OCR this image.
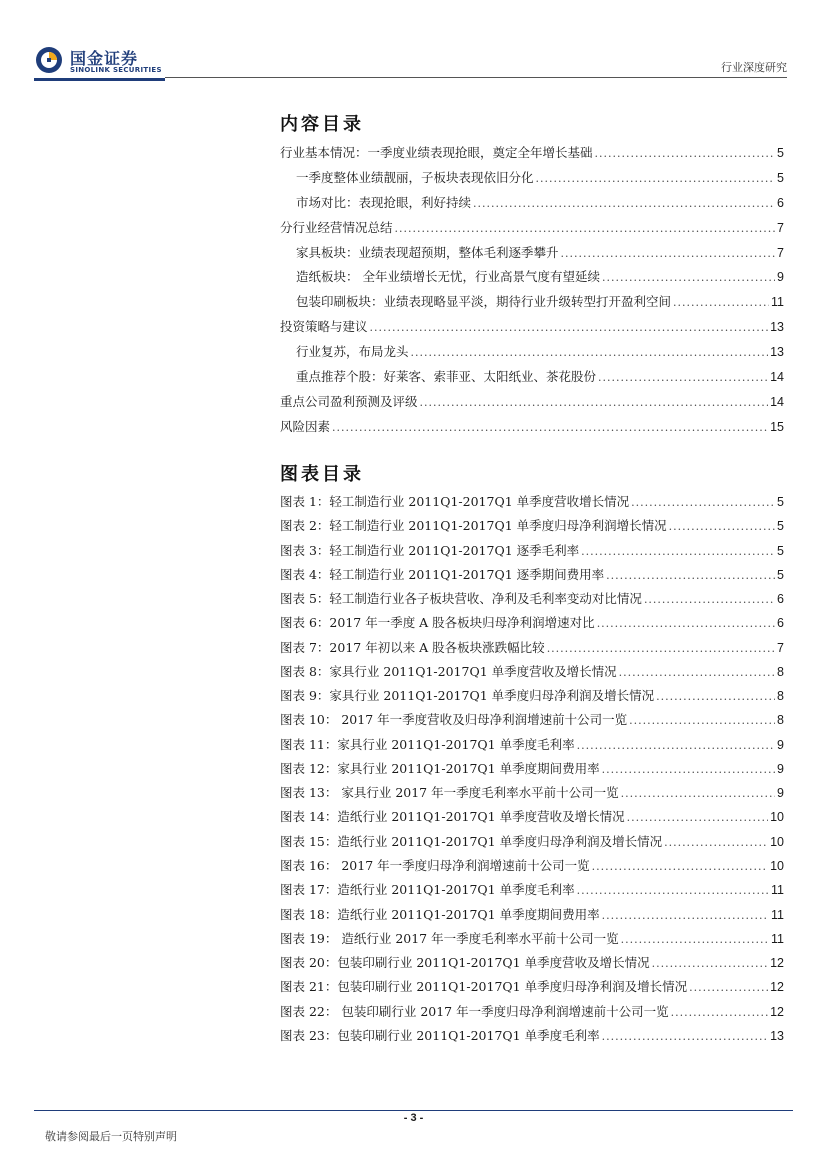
国金证券
SINOLINK SECURITIES	行业深度研究
内容目录
行业基本情况：一季度业绩表现抢眼，奠定全年增长基础 .....	5
一季度整体业绩靓丽，子板块表现依旧分化 .....	5
市场对比：表现抢眼，利好持续 .....	6
分行业经营情况总结 .....	7
家具板块：业绩表现超预期，整体毛利逐季攀升 .....	7
造纸板块： 全年业绩增长无忧，行业高景气度有望延续 .....	9
包装印刷板块：业绩表现略显平淡，期待行业升级转型打开盈利空间 .....	11
投资策略与建议 .....	13
行业复苏，布局龙头 .....	13
重点推荐个股：好莱客、索菲亚、太阳纸业、茶花股份 .....	14
重点公司盈利预测及评级 .....	14
风险因素 .....	15
图表目录
图表 1：轻工制造行业 2011Q1-2017Q1 单季度营收增长情况 .....	5
图表 2：轻工制造行业 2011Q1-2017Q1 单季度归母净利润增长情况 .....	5
图表 3：轻工制造行业 2011Q1-2017Q1 逐季毛利率 .....	5
图表 4：轻工制造行业 2011Q1-2017Q1 逐季期间费用率 .....	5
图表 5：轻工制造行业各子板块营收、净利及毛利率变动对比情况 .....	6
图表 6：2017 年一季度 A 股各板块归母净利润增速对比 .....	6
图表 7：2017 年初以来 A 股各板块涨跌幅比较 .....	7
图表 8：家具行业 2011Q1-2017Q1 单季度营收及增长情况 .....	8
图表 9：家具行业 2011Q1-2017Q1 单季度归母净利润及增长情况 .....	8
图表 10： 2017 年一季度营收及归母净利润增速前十公司一览 .....	8
图表 11：家具行业 2011Q1-2017Q1 单季度毛利率 .....	9
图表 12：家具行业 2011Q1-2017Q1 单季度期间费用率 .....	9
图表 13： 家具行业 2017 年一季度毛利率水平前十公司一览 .....	9
图表 14：造纸行业 2011Q1-2017Q1 单季度营收及增长情况 .....	10
图表 15：造纸行业 2011Q1-2017Q1 单季度归母净利润及增长情况 .....	10
图表 16： 2017 年一季度归母净利润增速前十公司一览 .....	10
图表 17：造纸行业 2011Q1-2017Q1 单季度毛利率 .....	11
图表 18：造纸行业 2011Q1-2017Q1 单季度期间费用率 .....	11
图表 19： 造纸行业 2017 年一季度毛利率水平前十公司一览 .....	11
图表 20：包装印刷行业 2011Q1-2017Q1 单季度营收及增长情况 .....	12
图表 21：包装印刷行业 2011Q1-2017Q1 单季度归母净利润及增长情况 .....	12
图表 22： 包装印刷行业 2017 年一季度归母净利润增速前十公司一览 .....	12
图表 23：包装印刷行业 2011Q1-2017Q1 单季度毛利率 .....	13
- 3 -
敬请参阅最后一页特别声明
